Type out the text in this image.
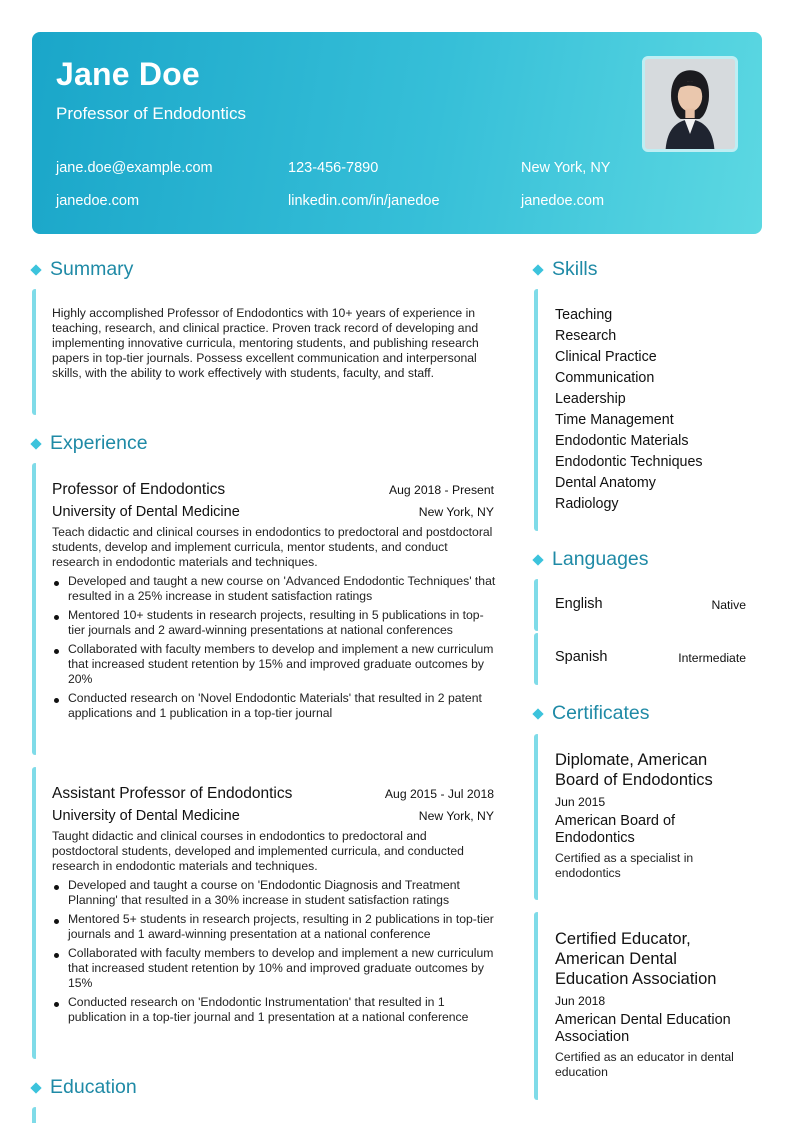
Jane Doe
Professor of Endodontics
jane.doe@example.com	123-456-7890	New York, NY
janedoe.com	linkedin.com/in/janedoe	janedoe.com
Summary
Highly accomplished Professor of Endodontics with 10+ years of experience in teaching, research, and clinical practice. Proven track record of developing and implementing innovative curricula, mentoring students, and publishing research papers in top-tier journals. Possess excellent communication and interpersonal skills, with the ability to work effectively with students, faculty, and staff.
Experience
Professor of Endodontics	Aug 2018 - Present
University of Dental Medicine	New York, NY
Teach didactic and clinical courses in endodontics to predoctoral and postdoctoral students, develop and implement curricula, mentor students, and conduct research in endodontic materials and techniques.
Developed and taught a new course on 'Advanced Endodontic Techniques' that resulted in a 25% increase in student satisfaction ratings
Mentored 10+ students in research projects, resulting in 5 publications in top-tier journals and 2 award-winning presentations at national conferences
Collaborated with faculty members to develop and implement a new curriculum that increased student retention by 15% and improved graduate outcomes by 20%
Conducted research on 'Novel Endodontic Materials' that resulted in 2 patent applications and 1 publication in a top-tier journal
Assistant Professor of Endodontics	Aug 2015 - Jul 2018
University of Dental Medicine	New York, NY
Taught didactic and clinical courses in endodontics to predoctoral and postdoctoral students, developed and implemented curricula, and conducted research in endodontic materials and techniques.
Developed and taught a course on 'Endodontic Diagnosis and Treatment Planning' that resulted in a 30% increase in student satisfaction ratings
Mentored 5+ students in research projects, resulting in 2 publications in top-tier journals and 1 award-winning presentation at a national conference
Collaborated with faculty members to develop and implement a new curriculum that increased student retention by 10% and improved graduate outcomes by 15%
Conducted research on 'Endodontic Instrumentation' that resulted in 1 publication in a top-tier journal and 1 presentation at a national conference
Education
Skills
Teaching
Research
Clinical Practice
Communication
Leadership
Time Management
Endodontic Materials
Endodontic Techniques
Dental Anatomy
Radiology
Languages
English	Native
Spanish	Intermediate
Certificates
Diplomate, American Board of Endodontics
Jun 2015
American Board of Endodontics
Certified as a specialist in endodontics
Certified Educator, American Dental Education Association
Jun 2018
American Dental Education Association
Certified as an educator in dental education
